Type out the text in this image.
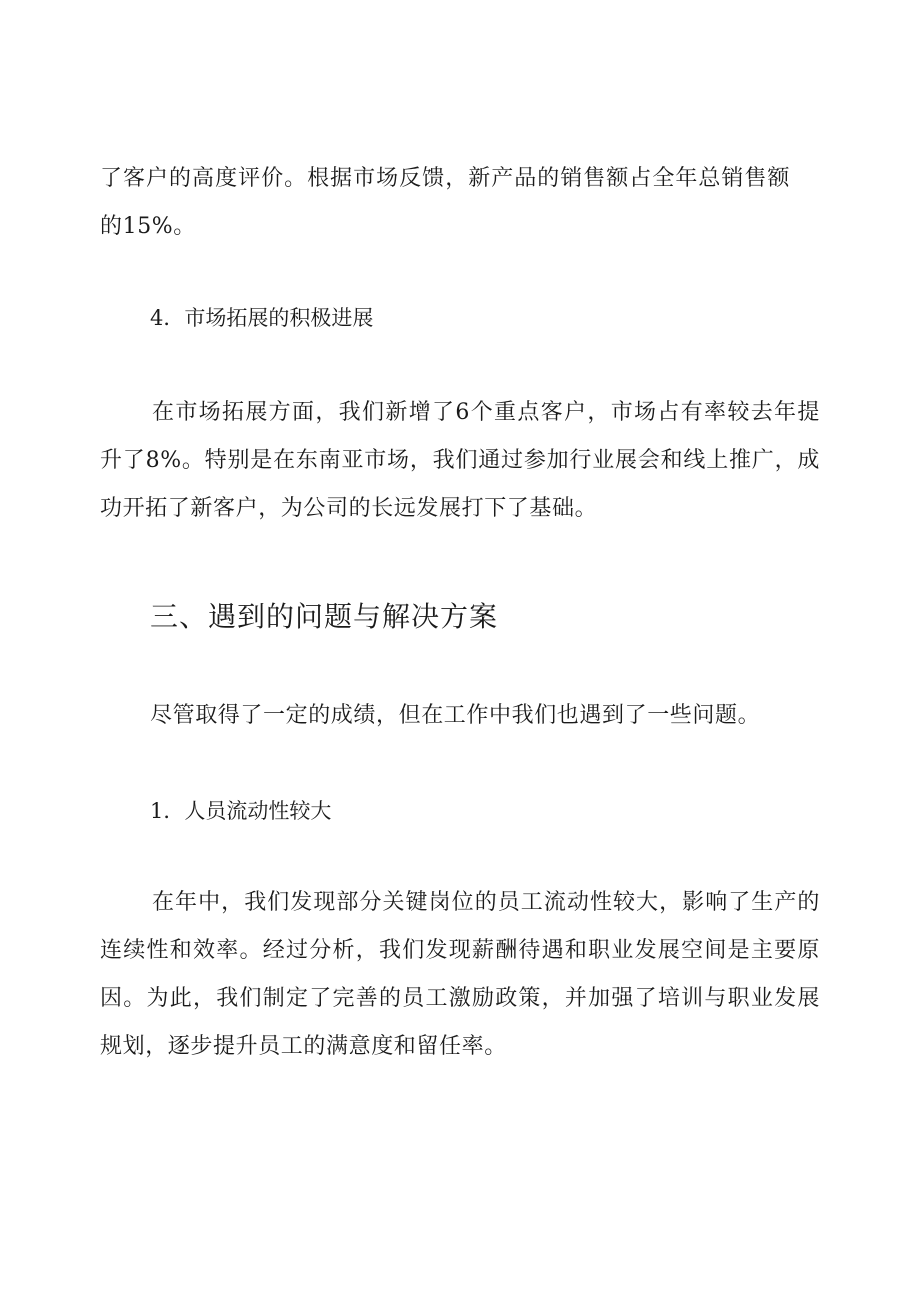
了客户的高度评价。根据市场反馈，新产品的销售额占全年总销售额的15%。

4．市场拓展的积极进展

在市场拓展方面，我们新增了6个重点客户，市场占有率较去年提升了8%。特别是在东南亚市场，我们通过参加行业展会和线上推广，成功开拓了新客户，为公司的长远发展打下了基础。

三、遇到的问题与解决方案

尽管取得了一定的成绩，但在工作中我们也遇到了一些问题。

1．人员流动性较大

在年中，我们发现部分关键岗位的员工流动性较大，影响了生产的连续性和效率。经过分析，我们发现薪酬待遇和职业发展空间是主要原因。为此，我们制定了完善的员工激励政策，并加强了培训与职业发展规划，逐步提升员工的满意度和留任率。
